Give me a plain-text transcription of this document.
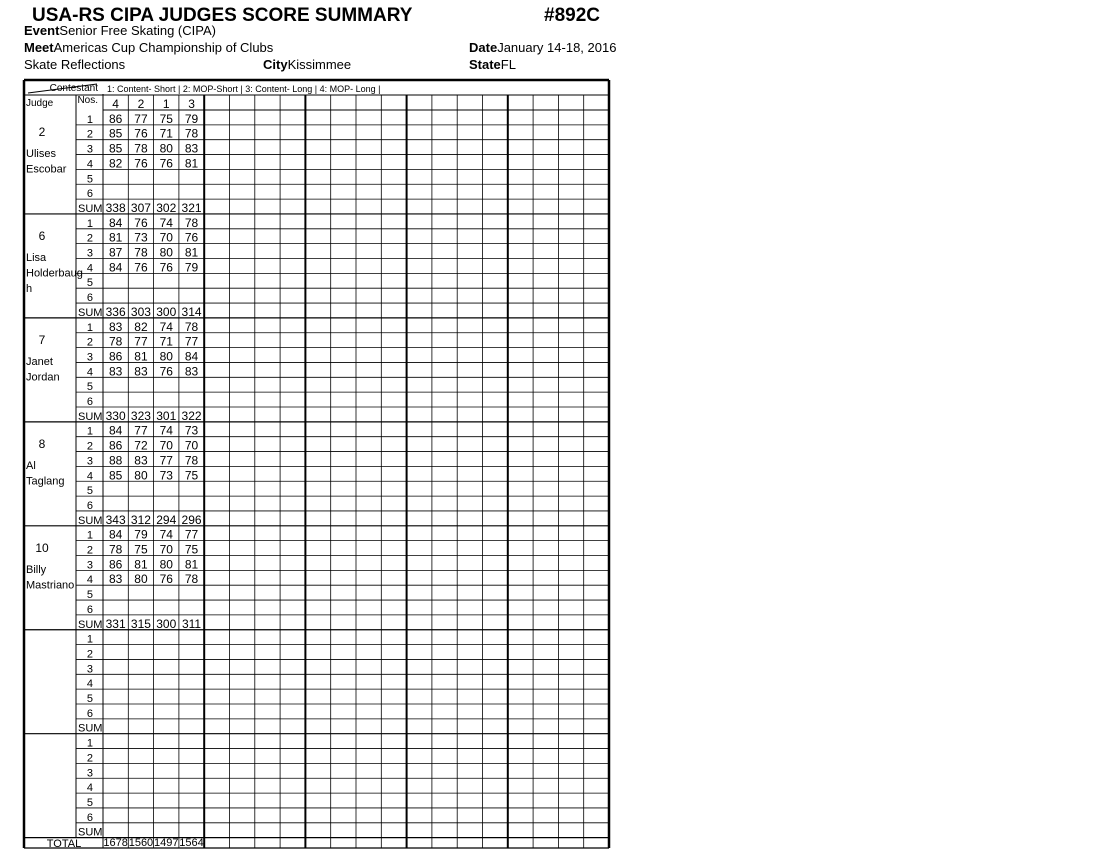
USA-RS CIPA JUDGES SCORE SUMMARY	#892C
EventSenior Free Skating (CIPA)
MeetAmericas Cup Championship of Clubs	DateJanuary 14-18, 2016
Skate Reflections	CityKissimmee	StateFL
Contestant
Nos.
Judge
1: Content- Short | 2: MOP-Short | 3: Content- Long | 4: MOP- Long |
4 2 1 3
2
Ulises
Escobar
1 86 77 75 79
2 85 76 71 78
3 85 78 80 83
4 82 76 76 81
5
6
SUM 338 307 302 321
6
Lisa
Holderbaug
h
1 84 76 74 78
2 81 73 70 76
3 87 78 80 81
4 84 76 76 79
5
6
SUM 336 303 300 314
7
Janet
Jordan
1 83 82 74 78
2 78 77 71 77
3 86 81 80 84
4 83 83 76 83
5
6
SUM 330 323 301 322
8
Al
Taglang
1 84 77 74 73
2 86 72 70 70
3 88 83 77 78
4 85 80 73 75
5
6
SUM 343 312 294 296
10
Billy
Mastriano
1 84 79 74 77
2 78 75 70 75
3 86 81 80 81
4 83 80 76 78
5
6
SUM 331 315 300 311
1
2
3
4
5
6
SUM
1
2
3
4
5
6
SUM
TOTAL 1678 1560 1497 1564
